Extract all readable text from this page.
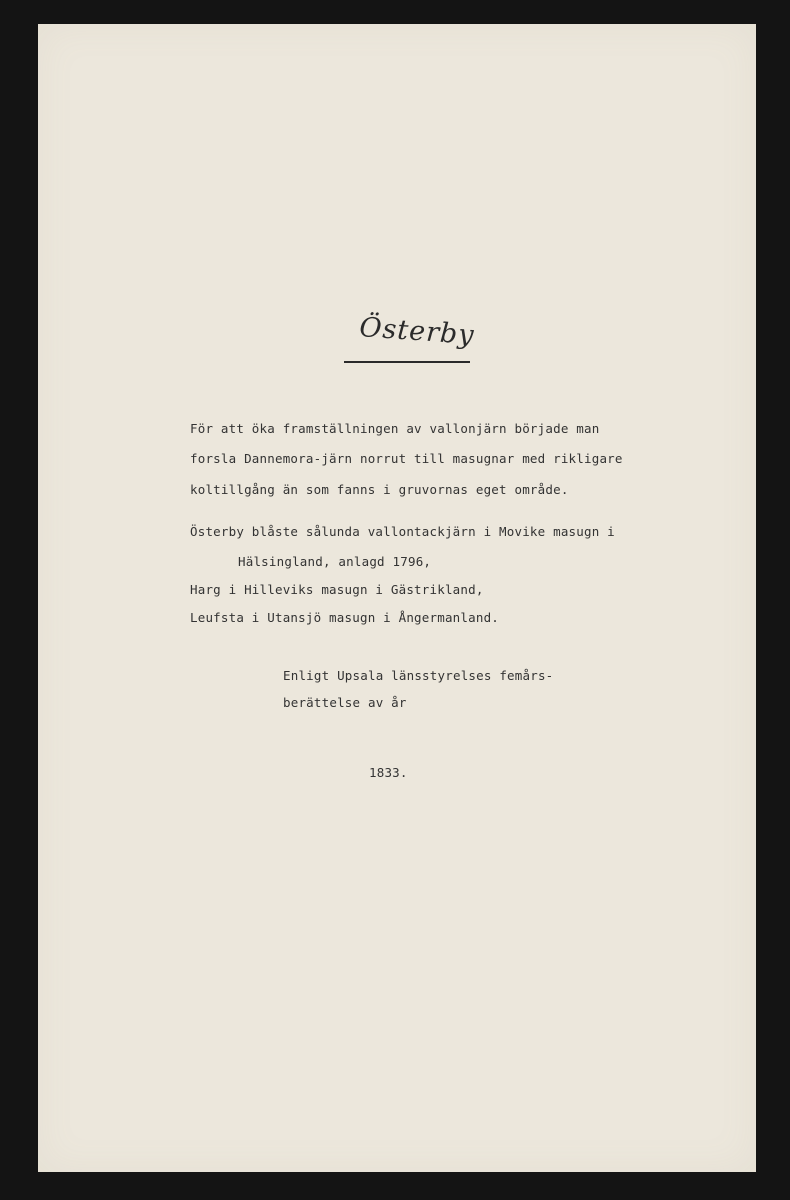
Österby
För att öka framställningen av vallonjärn började man
forsla Dannemora-järn norrut till masugnar med rikligare
koltillgång än som fanns i gruvornas eget område.
Österby blåste sålunda vallontackjärn i Movike masugn i
Hälsingland, anlagd 1796,
Harg i Hilleviks masugn i Gästrikland,
Leufsta i Utansjö masugn i Ångermanland.
Enligt Upsala länsstyrelses femårs-
berättelse av år
1833.
